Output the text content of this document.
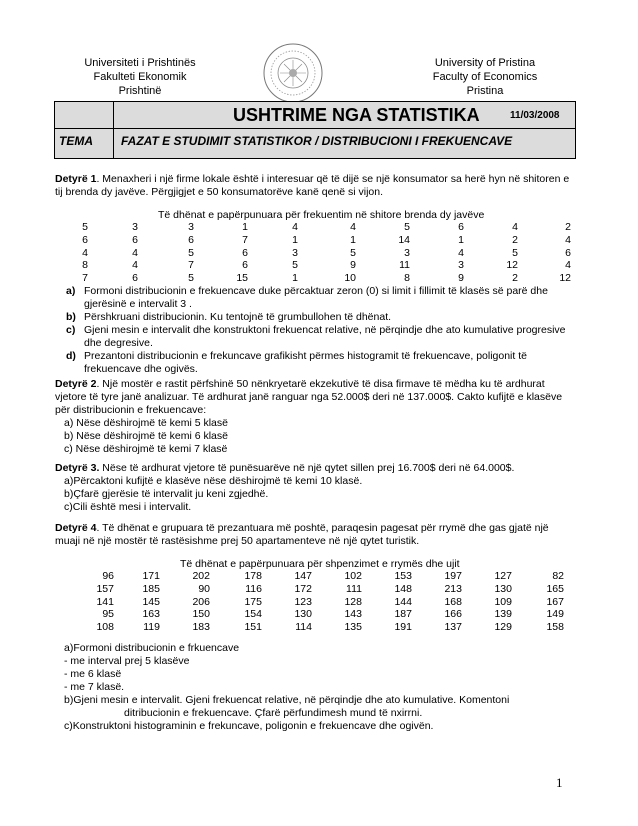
Universiteti i Prishtinës
Fakulteti Ekonomik
Prishtinë
University of Pristina
Faculty of Economics
Pristina
USHTRIME NGA STATISTIKA	11/03/2008
TEMA FAZAT E STUDIMIT STATISTIKOR / DISTRIBUCIONI I FREKUENCAVE
Detyrë 1. Menaxheri i një firme lokale është i interesuar që të dijë se një konsumator sa herë hyn në shitoren e tij brenda dy javëve. Përgjigjet e 50 konsumatorëve kanë qenë si vijon.
Të dhënat e papërpunuara për frekuentim në shitore brenda dy javëve
5	3	3	1	4	4	5	6	4	2
6	6	6	7	1	1	14	1	2	4
4	4	5	6	3	5	3	4	5	6
8	4	7	6	5	9	11	3	12	4
7	6	5	15	1	10	8	9	2	12
a) Formoni distribucionin e frekuencave duke përcaktuar zeron (0) si limit i fillimit të klasës së parë dhe gjerësinë e intervalit 3 .
b) Përshkruani distribucionin. Ku tentojnë të grumbullohen të dhënat.
c) Gjeni mesin e intervalit dhe konstruktoni frekuencat relative, në përqindje dhe ato kumulative progresive dhe degresive.
d) Prezantoni distribucionin e frekuncave grafikisht përmes histogramit të frekuencave, poligonit të frekuencave dhe ogivës.
Detyrë 2. Një mostër e rastit përfshinë 50 nënkryetarë ekzekutivë të disa firmave të mëdha ku të ardhurat vjetore të tyre janë analizuar. Të ardhurat janë ranguar nga 52.000$ deri në 137.000$. Cakto kufijtë e klasëve për distribucionin e frekuencave:
a) Nëse dëshirojmë të kemi 5 klasë
b) Nëse dëshirojmë të kemi 6 klasë
c) Nëse dëshirojmë të kemi 7 klasë
Detyrë 3. Nëse të ardhurat vjetore të punësuarëve në një qytet sillen prej 16.700$ deri në 64.000$.
a)Përcaktoni kufijtë e klasëve nëse dëshirojmë të kemi 10 klasë.
b)Çfarë gjerësie të intervalit ju keni zgjedhë.
c)Cili është mesi i intervalit.
Detyrë 4. Të dhënat e grupuara të prezantuara më poshtë, paraqesin pagesat për rrymë dhe gas gjatë një muaji në një mostër të rastësishme prej 50 apartamenteve në një qytet turistik.
Të dhënat e papërpunuara për shpenzimet e rrymës dhe ujit
96	171	202	178	147	102	153	197	127	82
157	185	90	116	172	111	148	213	130	165
141	145	206	175	123	128	144	168	109	167
95	163	150	154	130	143	187	166	139	149
108	119	183	151	114	135	191	137	129	158
a)Formoni distribucionin e frkuencave
- me interval prej 5 klasëve
- me 6 klasë
- me 7 klasë.
b)Gjeni mesin e intervalit. Gjeni frekuencat relative, në përqindje dhe ato kumulative. Komentoni
ditribucionin e frekuencave. Çfarë përfundimesh mund të nxirrni.
c)Konstruktoni histograminin e frekuncave, poligonin e frekuencave dhe ogivën.
1
